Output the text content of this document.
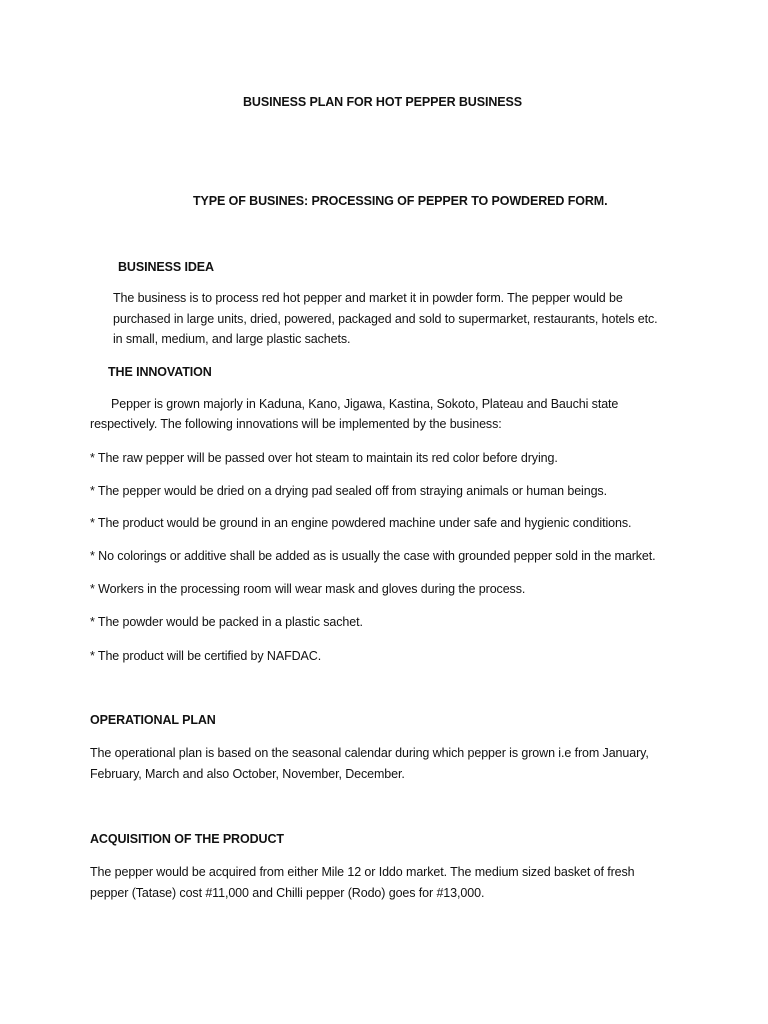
BUSINESS PLAN FOR HOT PEPPER BUSINESS
TYPE OF BUSINES: PROCESSING OF PEPPER TO POWDERED FORM.
BUSINESS IDEA
The business is to process red hot pepper and market it in powder form. The pepper would be
purchased in large units, dried, powered, packaged and sold to supermarket, restaurants, hotels etc.
in small, medium, and large plastic sachets.
THE INNOVATION
Pepper is grown majorly in Kaduna, Kano, Jigawa, Kastina, Sokoto, Plateau and Bauchi state
respectively. The following innovations will be implemented by the business:
* The raw pepper will be passed over hot steam to maintain its red color before drying.
* The pepper would be dried on a drying pad sealed off from straying animals or human beings.
* The product would be ground in an engine powdered machine under safe and hygienic conditions.
* No colorings or additive shall be added as is usually the case with grounded pepper sold in the market.
* Workers in the processing room will wear mask and gloves during the process.
* The powder would be packed in a plastic sachet.
* The product will be certified by NAFDAC.
OPERATIONAL PLAN
The operational plan is based on the seasonal calendar during which pepper is grown i.e from January,
February, March and also October, November, December.
ACQUISITION OF THE PRODUCT
The pepper would be acquired from either Mile 12 or Iddo market. The medium sized basket of fresh
pepper (Tatase) cost #11,000 and Chilli pepper (Rodo) goes for #13,000.
